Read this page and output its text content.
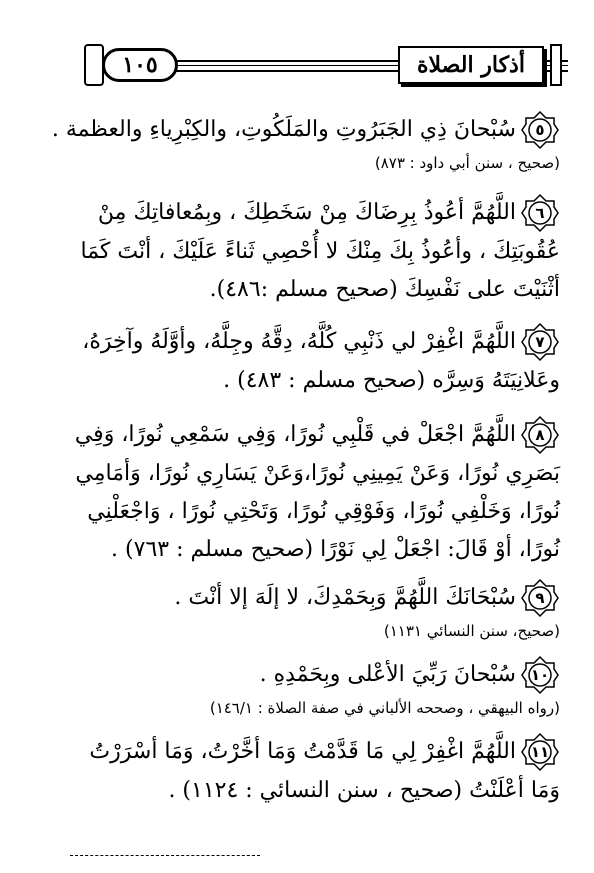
١٠٥	أذكار الصلاة
٥
سُبْحانَ ذِي الجَبَرُوتِ والمَلَكُوتِ، والكِبْرِياءِ والعظمة .
(صحيح ، سنن أبي داود : ٨٧٣)
٦
اللَّهُمَّ أعُوذُ بِرِضَاكَ مِنْ سَخَطِكَ ، وبِمُعافاتِكَ مِنْ
عُقُوبَتِكَ ، وأعُوذُ بِكَ مِنْكَ لا أُحْصِي ثَناءً عَلَيْكَ ، أنْتَ كَمَا
أثْنَيْتَ على نَفْسِكَ (صحيح مسلم :٤٨٦).
٧
اللَّهُمَّ اغْفِرْ لي ذَنْبِي كُلَّهُ، دِقَّهُ وجِلَّهُ، وأوَّلَهُ وآخِرَهُ،
وعَلانِيَتَهُ وَسِرَّه (صحيح مسلم : ٤٨٣) .
٨
اللَّهُمَّ اجْعَلْ في قَلْبِي نُورًا، وَفِي سَمْعِي نُورًا، وَفِي
بَصَرِي نُورًا، وَعَنْ يَمِينِي نُورًا،وَعَنْ يَسَارِي نُورًا، وَأمَامِي
نُورًا، وَخَلْفِي نُورًا، وَفَوْقِي نُورًا، وَتَحْتِي نُورًا ، وَاجْعَلْنِي
نُورًا، أوْ قَالَ: اجْعَلْ لِي نَوْرًا (صحيح مسلم : ٧٦٣) .
٩
سُبْحَانَكَ اللَّهُمَّ وَبِحَمْدِكَ، لا إلَهَ إلا أنْتَ .
(صحيح، سنن النسائي ١١٣١)
١٠
سُبْحانَ رَبِّيَ الأعْلى وبِحَمْدِهِ .
(رواه البيهقي ، وصححه الألباني في صفة الصلاة : ١٤٦/١)
١١
اللَّهُمَّ اغْفِرْ لِي مَا قَدَّمْتُ وَمَا أخَّرْتُ، وَمَا أسْرَرْتُ
وَمَا أعْلَنْتُ (صحيح ، سنن النسائي : ١١٢٤) .
